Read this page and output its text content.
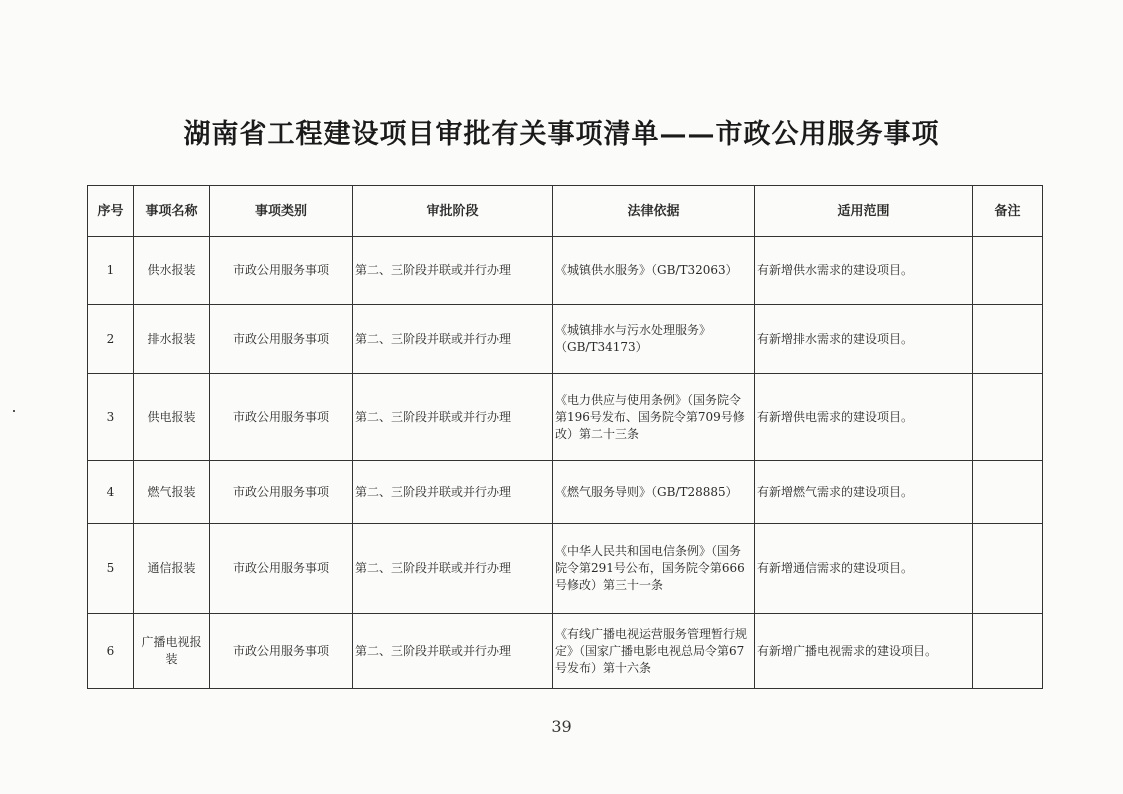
湖南省工程建设项目审批有关事项清单——市政公用服务事项
序号	事项名称	事项类别	审批阶段	法律依据	适用范围	备注
1	供水报装	市政公用服务事项	第二、三阶段并联或并行办理	《城镇供水服务》（GB/T32063）	有新增供水需求的建设项目。	
2	排水报装	市政公用服务事项	第二、三阶段并联或并行办理	《城镇排水与污水处理服务》（GB/T34173）	有新增排水需求的建设项目。	
3	供电报装	市政公用服务事项	第二、三阶段并联或并行办理	《电力供应与使用条例》（国务院令第196号发布、国务院令第709号修改）第二十三条	有新增供电需求的建设项目。	
4	燃气报装	市政公用服务事项	第二、三阶段并联或并行办理	《燃气服务导则》（GB/T28885）	有新增燃气需求的建设项目。	
5	通信报装	市政公用服务事项	第二、三阶段并联或并行办理	《中华人民共和国电信条例》（国务院令第291号公布，国务院令第666号修改）第三十一条	有新增通信需求的建设项目。	
6	广播电视报装	市政公用服务事项	第二、三阶段并联或并行办理	《有线广播电视运营服务管理暂行规定》（国家广播电影电视总局令第67号发布）第十六条	有新增广播电视需求的建设项目。	
39
